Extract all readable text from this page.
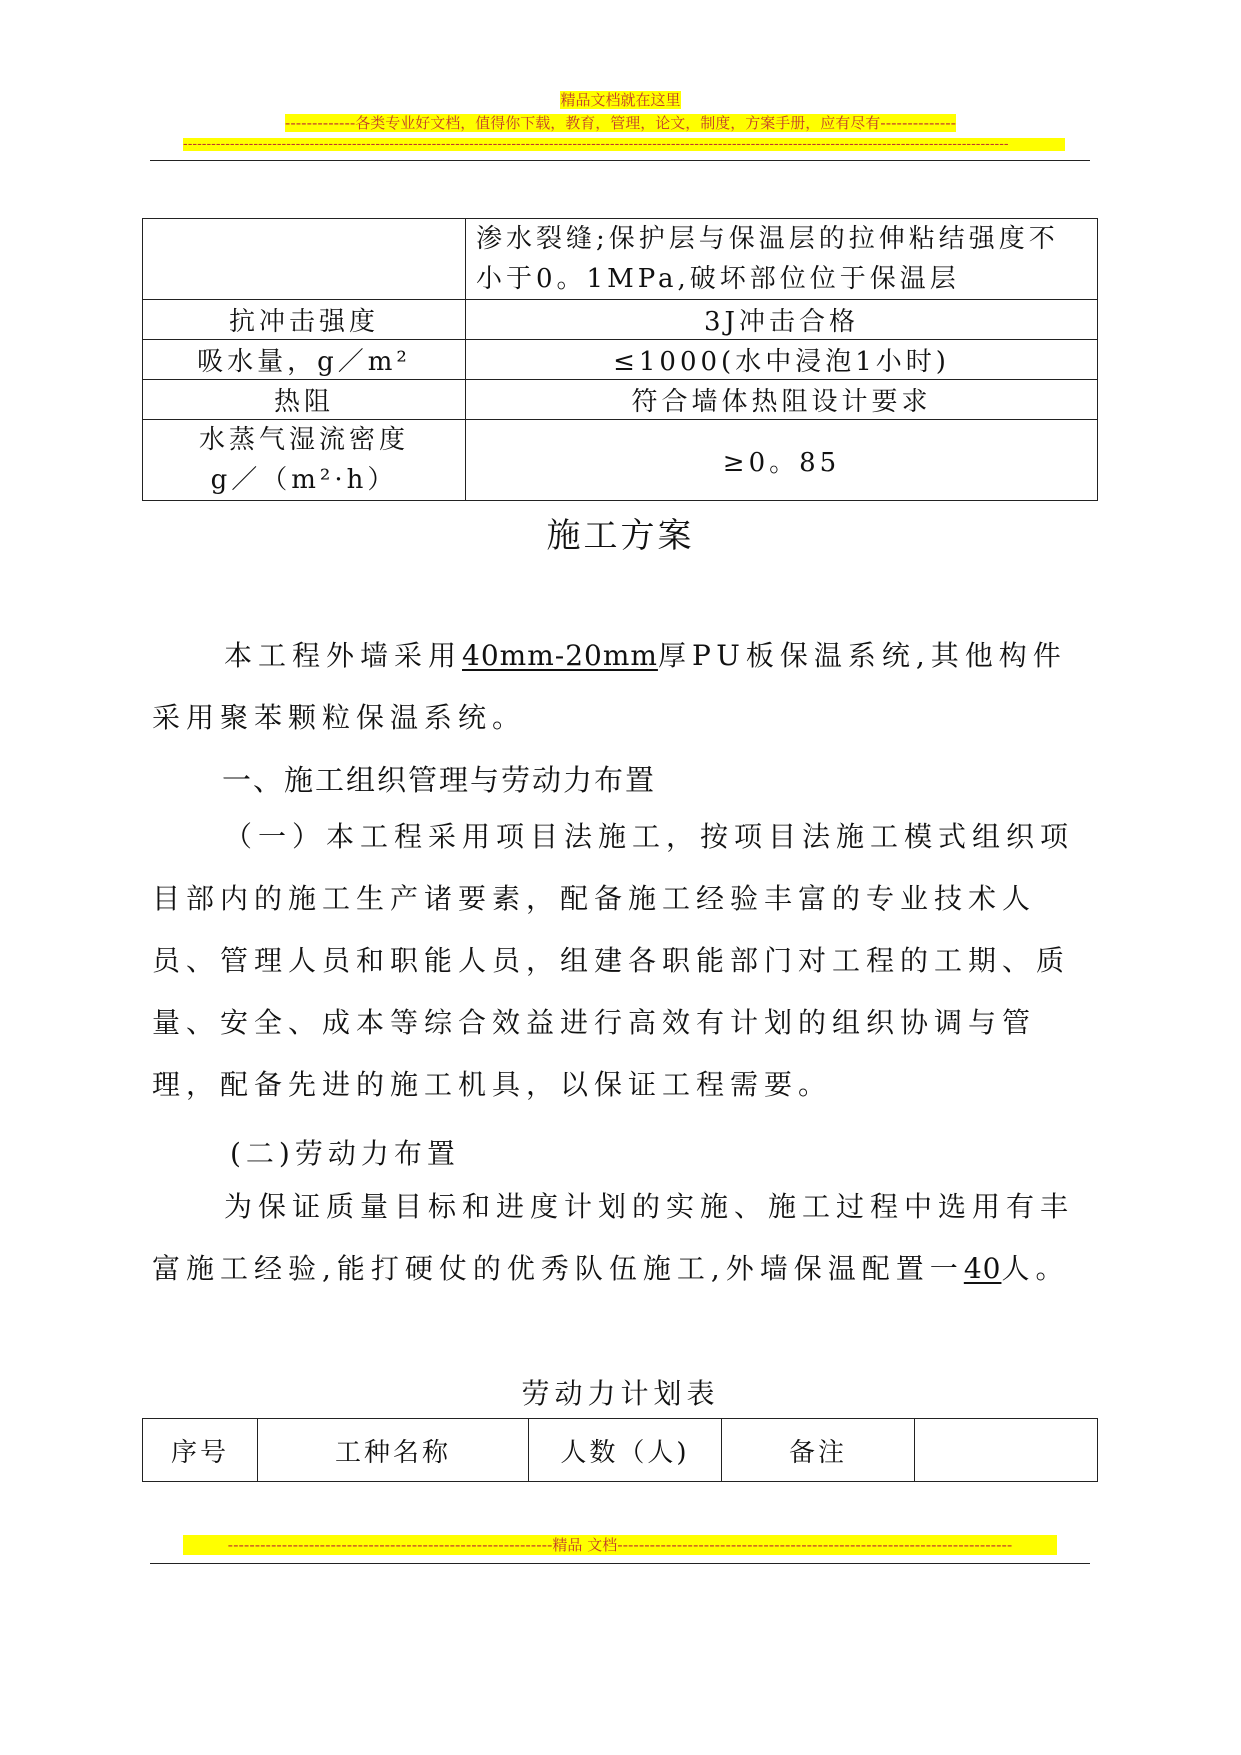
精品文档就在这里
-------------各类专业好文档，值得你下载，教育，管理，论文，制度，方案手册，应有尽有--------------
--------------------------------------------------------------------------------------------------------------------------------------------------------------------------------
	渗水裂缝;保护层与保温层的拉伸粘结强度不
小于0。1MPa,破坏部位位于保温层
抗冲击强度	3J冲击合格
吸水量，g／m²	≤1000(水中浸泡1小时)
热阻	符合墙体热阻设计要求
水蒸气湿流密度
g／（m²·h）	≥0。85
施工方案
本工程外墙采用40mm-20mm厚PU板保温系统,其他构件采用聚苯颗粒保温系统。
一、施工组织管理与劳动力布置
（一）本工程采用项目法施工，按项目法施工模式组织项目部内的施工生产诸要素，配备施工经验丰富的专业技术人员、管理人员和职能人员，组建各职能部门对工程的工期、质量、安全、成本等综合效益进行高效有计划的组织协调与管理，配备先进的施工机具，以保证工程需要。
(二)劳动力布置
为保证质量目标和进度计划的实施、施工过程中选用有丰富施工经验,能打硬仗的优秀队伍施工,外墙保温配置一40人。
劳动力计划表
序号	工种名称	人数（人)	备注	
------------------------------------------------------------精品 文档-------------------------------------------------------------------------
